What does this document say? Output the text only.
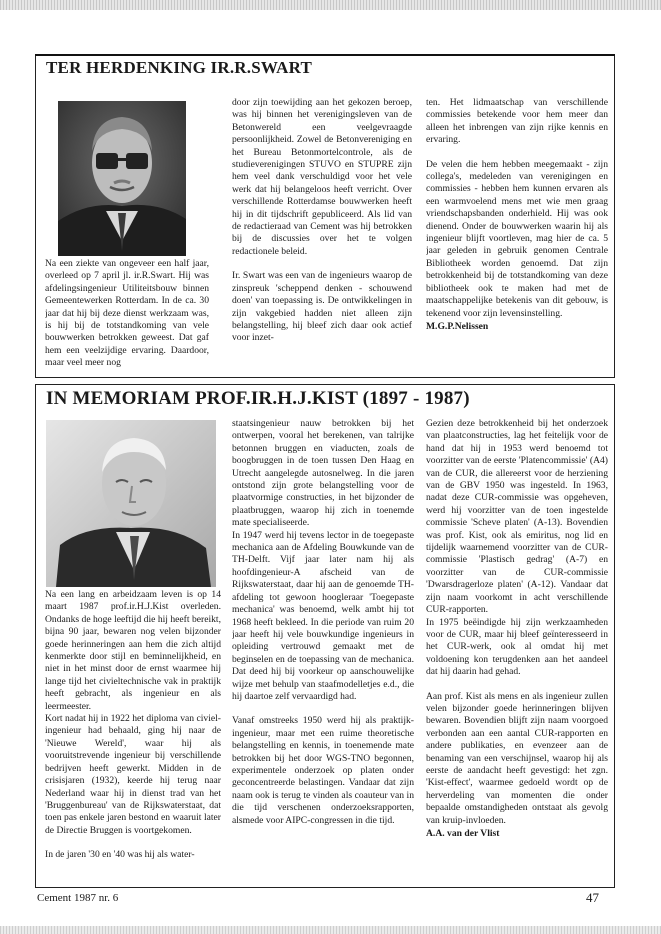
TER HERDENKING IR.R.SWART

Na een ziekte van ongeveer een half jaar, overleed op 7 april jl. ir.R.Swart. Hij was afdelingsingenieur Utiliteitsbouw binnen Gemeentewerken Rotterdam. In de ca. 30 jaar dat hij bij deze dienst werkzaam was, is hij bij de totstandkoming van vele bouwwerken betrokken geweest. Dat gaf hem een veelzijdige ervaring. Daardoor, maar veel meer nog

door zijn toewijding aan het gekozen beroep, was hij binnen het verenigingsleven van de Betonwereld een veelgevraagde persoonlijkheid. Zowel de Betonvereniging en het Bureau Betonmortelcontrole, als de studieverenigingen STUVO en STUPRE zijn hem veel dank verschuldigd voor het vele werk dat hij belangeloos heeft verricht. Over verschillende Rotterdamse bouwwerken heeft hij in dit tijdschrift gepubliceerd. Als lid van de redactieraad van Cement was hij betrokken bij de discussies over het te volgen redactionele beleid.

Ir. Swart was een van de ingenieurs waarop de zinspreuk 'scheppend denken - schouwend doen' van toepassing is. De ontwikkelingen in zijn vakgebied hadden niet alleen zijn belangstelling, hij bleef zich daar ook actief voor inzet-

ten. Het lidmaatschap van verschillende commissies betekende voor hem meer dan alleen het inbrengen van zijn rijke kennis en ervaring.

De velen die hem hebben meegemaakt - zijn collega's, medeleden van verenigingen en commissies - hebben hem kunnen ervaren als een warmvoelend mens met wie men graag vriendschapsbanden onderhield. Hij was ook dienend. Onder de bouwwerken waarin hij als ingenieur blijft voortleven, mag hier de ca. 5 jaar geleden in gebruik genomen Centrale Bibliotheek worden genoemd. Dat zijn betrokkenheid bij de totstandkoming van deze bibliotheek ook te maken had met de maatschappelijke betekenis van dit gebouw, is tekenend voor zijn levensinstelling.

M.G.P.Nelissen
IN MEMORIAM PROF.IR.H.J.KIST (1897 - 1987)

Na een lang en arbeidzaam leven is op 14 maart 1987 prof.ir.H.J.Kist overleden. Ondanks de hoge leeftijd die hij heeft bereikt, bijna 90 jaar, bewaren nog velen bijzonder goede herinneringen aan hem die zich altijd kenmerkte door stijl en beminnelijkheid, en niet in het minst door de ernst waarmee hij lange tijd het civieltechnische vak in praktijk heeft gebracht, als ingenieur en als leermeester.

Kort nadat hij in 1922 het diploma van civiel-ingenieur had behaald, ging hij naar de 'Nieuwe Wereld', waar hij als vooruitstrevende ingenieur bij verschillende bedrijven heeft gewerkt. Midden in de crisisjaren (1932), keerde hij terug naar Nederland waar hij in dienst trad van het 'Bruggenbureau' van de Rijkswaterstaat, dat toen pas enkele jaren bestond en waaruit later de Directie Bruggen is voortgekomen.

In de jaren '30 en '40 was hij als water-

staatsingenieur nauw betrokken bij het ontwerpen, vooral het berekenen, van talrijke betonnen bruggen en viaducten, zoals de boogbruggen in de toen tussen Den Haag en Utrecht aangelegde autosnelweg. In die jaren ontstond zijn grote belangstelling voor de plaatvormige constructies, in het bijzonder de plaatbruggen, waarop hij zich in toenemde mate specialiseerde.

In 1947 werd hij tevens lector in de toegepaste mechanica aan de Afdeling Bouwkunde van de TH-Delft. Vijf jaar later nam hij als hoofdingenieur-A afscheid van de Rijkswaterstaat, daar hij aan de genoemde TH-afdeling tot gewoon hoogleraar 'Toegepaste mechanica' was benoemd, welk ambt hij tot 1968 heeft bekleed. In die periode van ruim 20 jaar heeft hij vele bouwkundige ingenieurs in opleiding vertrouwd gemaakt met de beginselen en de toepassing van de mechanica. Dat deed hij bij voorkeur op aanschouwelijke wijze met behulp van staafmodelletjes e.d., die hij daartoe zelf vervaardigd had.

Vanaf omstreeks 1950 werd hij als praktijk-ingenieur, maar met een ruime theoretische belangstelling en kennis, in toenemende mate betrokken bij het door WGS-TNO begonnen, experimentele onderzoek op platen onder geconcentreerde belastingen. Vandaar dat zijn naam ook is terug te vinden als coauteur van in die tijd verschenen onderzoeksrapporten, alsmede voor AIPC-congressen in die tijd.

Gezien deze betrokkenheid bij het onderzoek van plaatconstructies, lag het feitelijk voor de hand dat hij in 1953 werd benoemd tot voorzitter van de eerste 'Platencommissie' (A4) van de CUR, die allereerst voor de herziening van de GBV 1950 was ingesteld. In 1963, nadat deze CUR-commissie was opgeheven, werd hij voorzitter van de toen ingestelde commissie 'Scheve platen' (A-13). Bovendien was prof. Kist, ook als emiritus, nog lid en tijdelijk waarnemend voorzitter van de CUR-commissie 'Plastisch gedrag' (A-7) en voorzitter van de CUR-commissie 'Dwarsdragerloze platen' (A-12). Vandaar dat zijn naam voorkomt in acht verschillende CUR-rapporten.

In 1975 beëindigde hij zijn werkzaamheden voor de CUR, maar hij bleef geïnteresseerd in het CUR-werk, ook al omdat hij met voldoening kon terugdenken aan het aandeel dat hij daarin had gehad.

Aan prof. Kist als mens en als ingenieur zullen velen bijzonder goede herinneringen blijven bewaren. Bovendien blijft zijn naam voorgoed verbonden aan een aantal CUR-rapporten en andere publikaties, en evenzeer aan de benaming van een verschijnsel, waarop hij als eerste de aandacht heeft gevestigd: het zgn. 'Kist-effect', waarmee gedoeld wordt op de herverdeling van momenten die onder bepaalde omstandigheden ontstaat als gevolg van kruip-invloeden.

A.A. van der Vlist
Cement 1987 nr. 6	47
